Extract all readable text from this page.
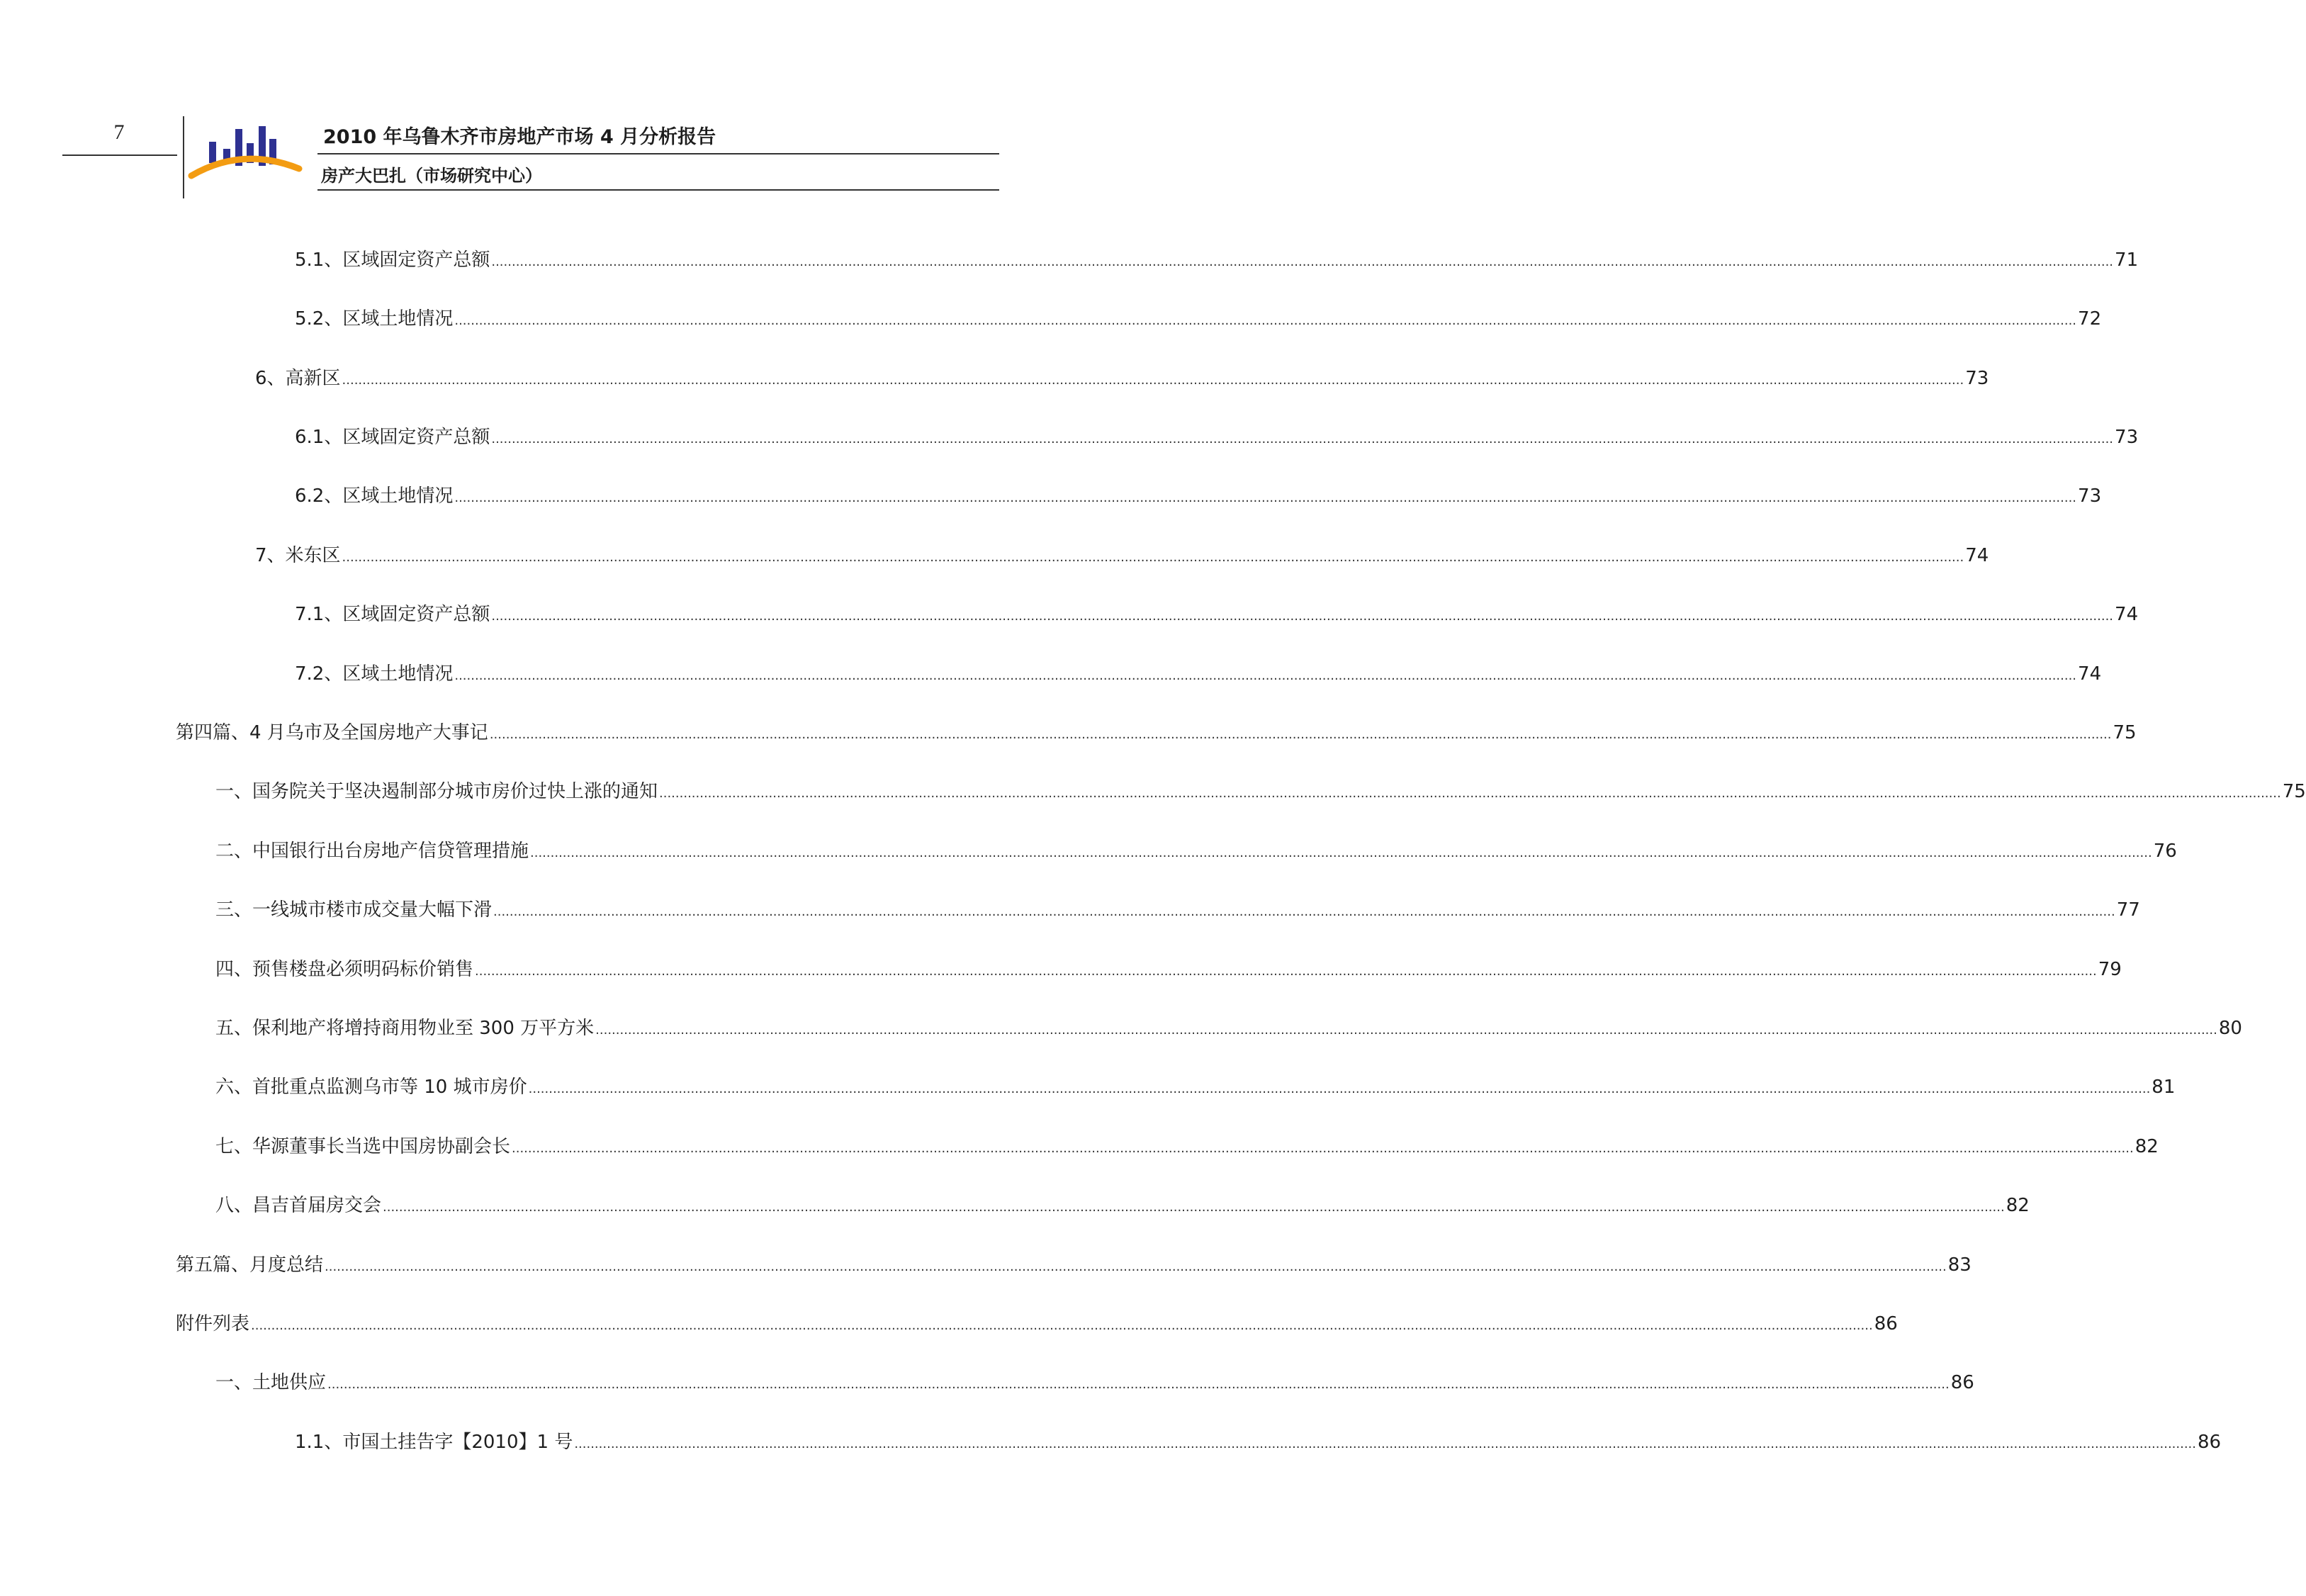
7	2010 年乌鲁木齐市房地产市场 4 月分析报告
房产大巴扎（市场研究中心）
5.1、区域固定资产总额 ................................................................................................................................................................................................................................................................................................................................................................................................................ 71
5.2、区域土地情况 ................................................................................................................................................................................................................................................................................................................................................................................................................ 72
6、高新区 ................................................................................................................................................................................................................................................................................................................................................................................................................ 73
6.1、区域固定资产总额 ................................................................................................................................................................................................................................................................................................................................................................................................................ 73
6.2、区域土地情况 ................................................................................................................................................................................................................................................................................................................................................................................................................ 73
7、米东区 ................................................................................................................................................................................................................................................................................................................................................................................................................ 74
7.1、区域固定资产总额 ................................................................................................................................................................................................................................................................................................................................................................................................................ 74
7.2、区域土地情况 ................................................................................................................................................................................................................................................................................................................................................................................................................ 74
第四篇、4 月乌市及全国房地产大事记 ................................................................................................................................................................................................................................................................................................................................................................................................................ 75
一、国务院关于坚决遏制部分城市房价过快上涨的通知 ................................................................................................................................................................................................................................................................................................................................................................................................................ 75
二、中国银行出台房地产信贷管理措施 ................................................................................................................................................................................................................................................................................................................................................................................................................ 76
三、一线城市楼市成交量大幅下滑 ................................................................................................................................................................................................................................................................................................................................................................................................................ 77
四、预售楼盘必须明码标价销售 ................................................................................................................................................................................................................................................................................................................................................................................................................ 79
五、保利地产将增持商用物业至 300 万平方米 ................................................................................................................................................................................................................................................................................................................................................................................................................ 80
六、首批重点监测乌市等 10 城市房价 ................................................................................................................................................................................................................................................................................................................................................................................................................ 81
七、华源董事长当选中国房协副会长 ................................................................................................................................................................................................................................................................................................................................................................................................................ 82
八、昌吉首届房交会 ................................................................................................................................................................................................................................................................................................................................................................................................................ 82
第五篇、月度总结 ................................................................................................................................................................................................................................................................................................................................................................................................................ 83
附件列表 ................................................................................................................................................................................................................................................................................................................................................................................................................ 86
一、土地供应 ................................................................................................................................................................................................................................................................................................................................................................................................................ 86
1.1、市国土挂告字【2010】1 号 ................................................................................................................................................................................................................................................................................................................................................................................................................ 86
